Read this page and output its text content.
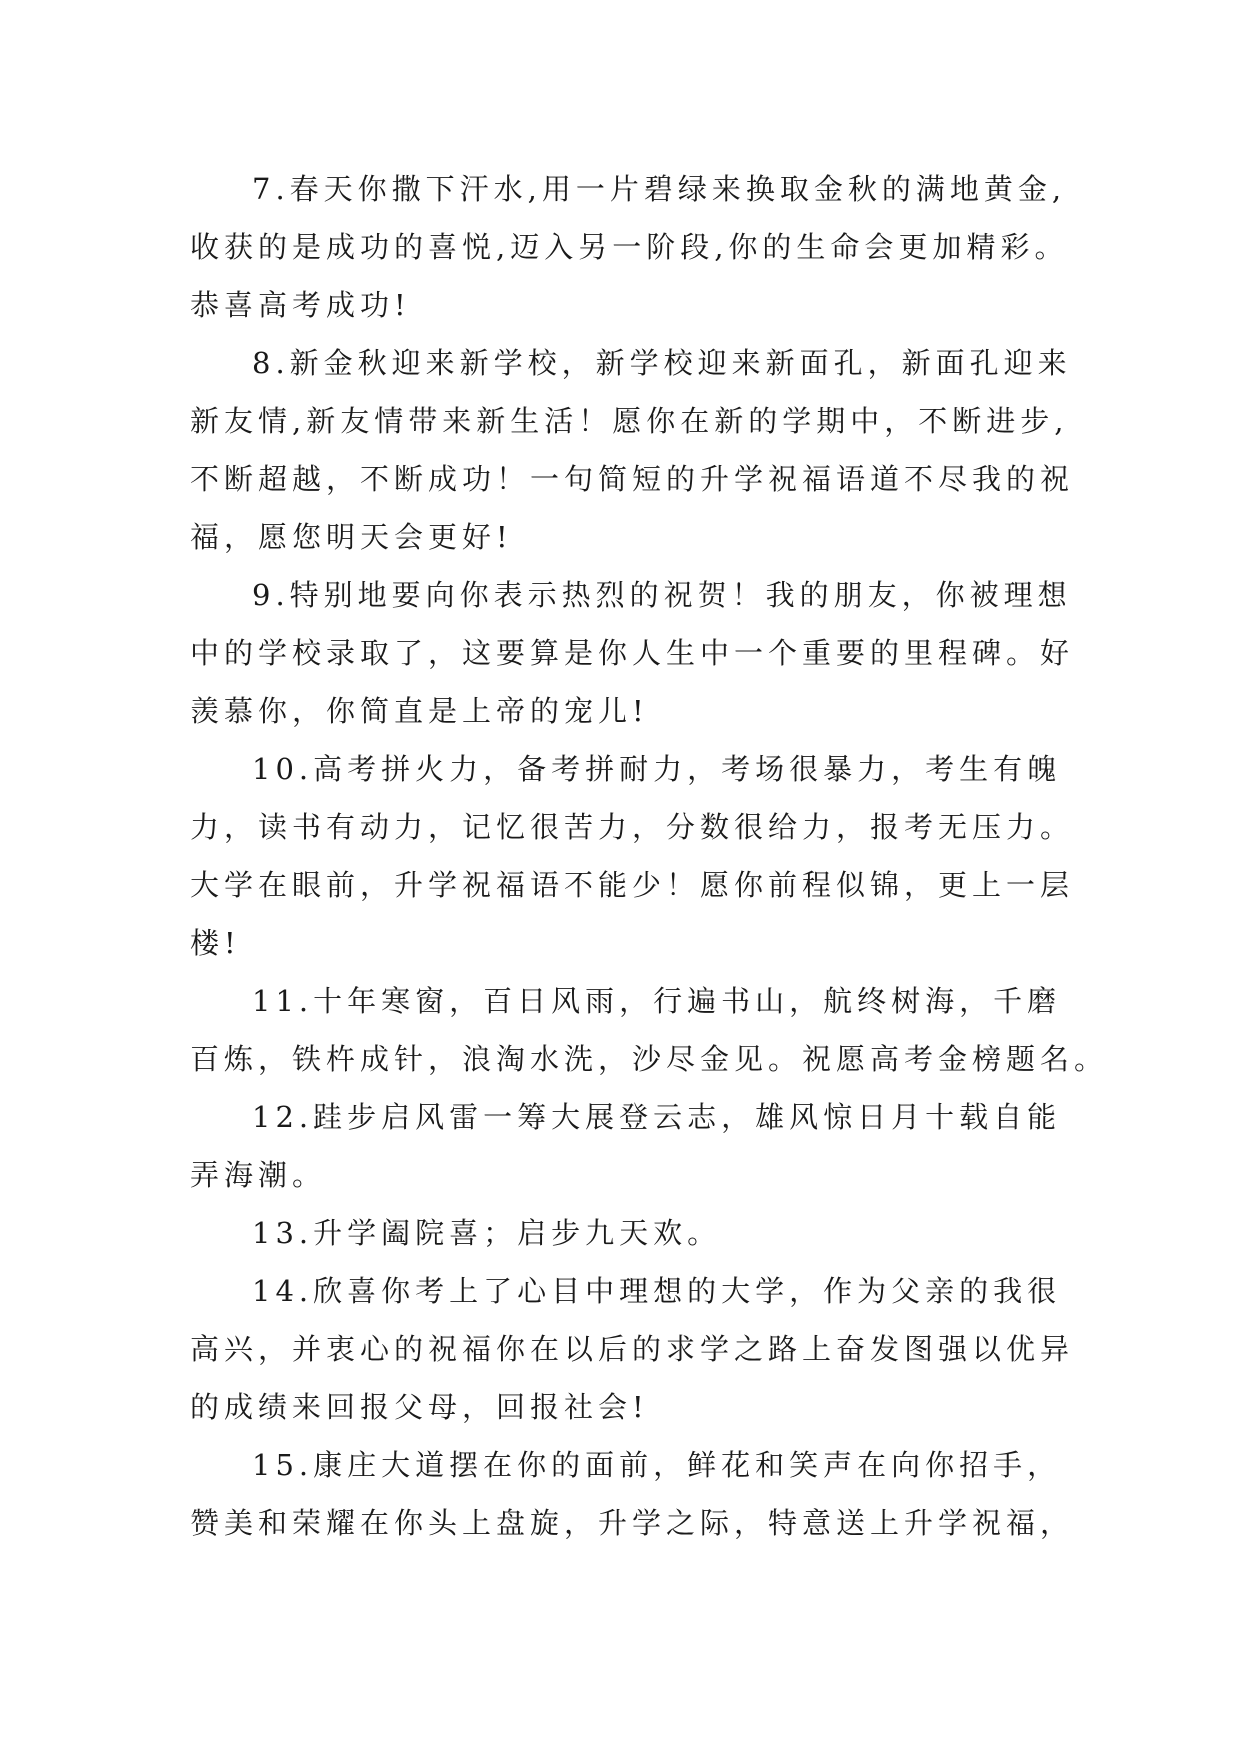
7.春天你撒下汗水,用一片碧绿来换取金秋的满地黄金,

收获的是成功的喜悦,迈入另一阶段,你的生命会更加精彩。

恭喜高考成功!

8.新金秋迎来新学校，新学校迎来新面孔，新面孔迎来

新友情,新友情带来新生活！愿你在新的学期中，不断进步,

不断超越，不断成功！一句简短的升学祝福语道不尽我的祝

福，愿您明天会更好!

9.特别地要向你表示热烈的祝贺！我的朋友，你被理想

中的学校录取了，这要算是你人生中一个重要的里程碑。好

羡慕你，你简直是上帝的宠儿!

10.高考拼火力，备考拼耐力，考场很暴力，考生有魄

力，读书有动力，记忆很苦力，分数很给力，报考无压力。

大学在眼前，升学祝福语不能少！愿你前程似锦，更上一层

楼!

11.十年寒窗，百日风雨，行遍书山，航终树海，千磨

百炼，铁杵成针，浪淘水洗，沙尽金见。祝愿高考金榜题名。

12.跬步启风雷一筹大展登云志，雄风惊日月十载自能

弄海潮。

13.升学阖院喜；启步九天欢。

14.欣喜你考上了心目中理想的大学，作为父亲的我很

高兴，并衷心的祝福你在以后的求学之路上奋发图强以优异

的成绩来回报父母，回报社会!

15.康庄大道摆在你的面前，鲜花和笑声在向你招手，

赞美和荣耀在你头上盘旋，升学之际，特意送上升学祝福，
